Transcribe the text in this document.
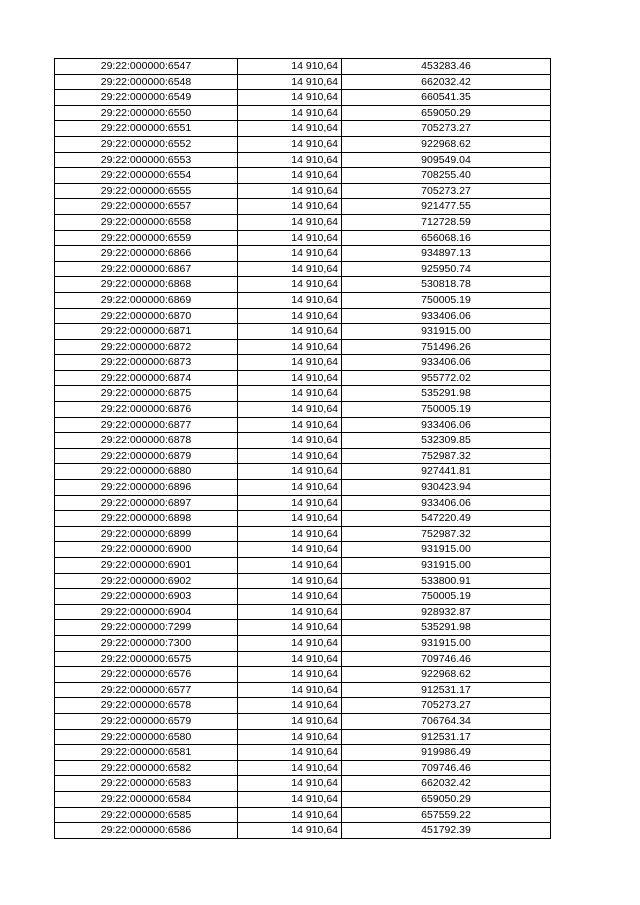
29:22:000000:6547	14 910,64	453283.46
29:22:000000:6548	14 910,64	662032.42
29:22:000000:6549	14 910,64	660541.35
29:22:000000:6550	14 910,64	659050.29
29:22:000000:6551	14 910,64	705273.27
29:22:000000:6552	14 910,64	922968.62
29:22:000000:6553	14 910,64	909549.04
29:22:000000:6554	14 910,64	708255.40
29:22:000000:6555	14 910,64	705273.27
29:22:000000:6557	14 910,64	921477.55
29:22:000000:6558	14 910,64	712728.59
29:22:000000:6559	14 910,64	656068.16
29:22:000000:6866	14 910,64	934897.13
29:22:000000:6867	14 910,64	925950.74
29:22:000000:6868	14 910,64	530818.78
29:22:000000:6869	14 910,64	750005.19
29:22:000000:6870	14 910,64	933406.06
29:22:000000:6871	14 910,64	931915.00
29:22:000000:6872	14 910,64	751496.26
29:22:000000:6873	14 910,64	933406.06
29:22:000000:6874	14 910,64	955772.02
29:22:000000:6875	14 910,64	535291.98
29:22:000000:6876	14 910,64	750005.19
29:22:000000:6877	14 910,64	933406.06
29:22:000000:6878	14 910,64	532309.85
29:22:000000:6879	14 910,64	752987.32
29:22:000000:6880	14 910,64	927441.81
29:22:000000:6896	14 910,64	930423.94
29:22:000000:6897	14 910,64	933406.06
29:22:000000:6898	14 910,64	547220.49
29:22:000000:6899	14 910,64	752987.32
29:22:000000:6900	14 910,64	931915.00
29:22:000000:6901	14 910,64	931915.00
29:22:000000:6902	14 910,64	533800.91
29:22:000000:6903	14 910,64	750005.19
29:22:000000:6904	14 910,64	928932.87
29:22:000000:7299	14 910,64	535291.98
29:22:000000:7300	14 910,64	931915.00
29:22:000000:6575	14 910,64	709746.46
29:22:000000:6576	14 910,64	922968.62
29:22:000000:6577	14 910,64	912531.17
29:22:000000:6578	14 910,64	705273.27
29:22:000000:6579	14 910,64	706764.34
29:22:000000:6580	14 910,64	912531.17
29:22:000000:6581	14 910,64	919986.49
29:22:000000:6582	14 910,64	709746.46
29:22:000000:6583	14 910,64	662032.42
29:22:000000:6584	14 910,64	659050.29
29:22:000000:6585	14 910,64	657559.22
29:22:000000:6586	14 910,64	451792.39
